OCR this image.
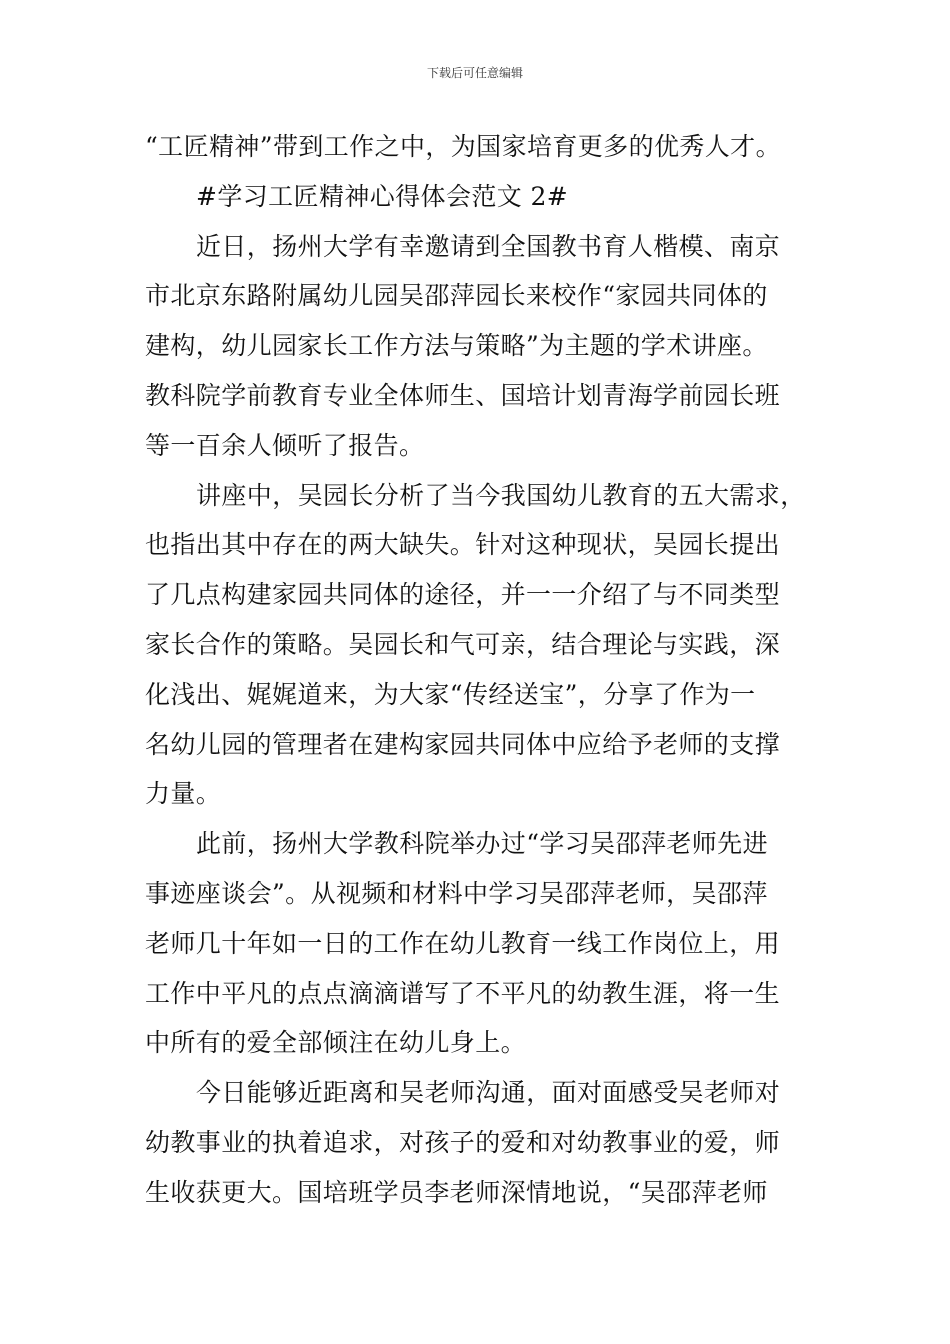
下载后可任意编辑

“工匠精神”带到工作之中，为国家培育更多的优秀人才。

#学习工匠精神心得体会范文 2#

近日，扬州大学有幸邀请到全国教书育人楷模、南京
市北京东路附属幼儿园吴邵萍园长来校作“家园共同体的
建构，幼儿园家长工作方法与策略”为主题的学术讲座。
教科院学前教育专业全体师生、国培计划青海学前园长班
等一百余人倾听了报告。

讲座中，吴园长分析了当今我国幼儿教育的五大需求，
也指出其中存在的两大缺失。针对这种现状，吴园长提出
了几点构建家园共同体的途径，并一一介绍了与不同类型
家长合作的策略。吴园长和气可亲，结合理论与实践，深
化浅出、娓娓道来，为大家“传经送宝”，分享了作为一
名幼儿园的管理者在建构家园共同体中应给予老师的支撑
力量。

此前，扬州大学教科院举办过“学习吴邵萍老师先进
事迹座谈会”。从视频和材料中学习吴邵萍老师，吴邵萍
老师几十年如一日的工作在幼儿教育一线工作岗位上，用
工作中平凡的点点滴滴谱写了不平凡的幼教生涯，将一生
中所有的爱全部倾注在幼儿身上。

今日能够近距离和吴老师沟通，面对面感受吴老师对
幼教事业的执着追求，对孩子的爱和对幼教事业的爱，师
生收获更大。国培班学员李老师深情地说，“吴邵萍老师
